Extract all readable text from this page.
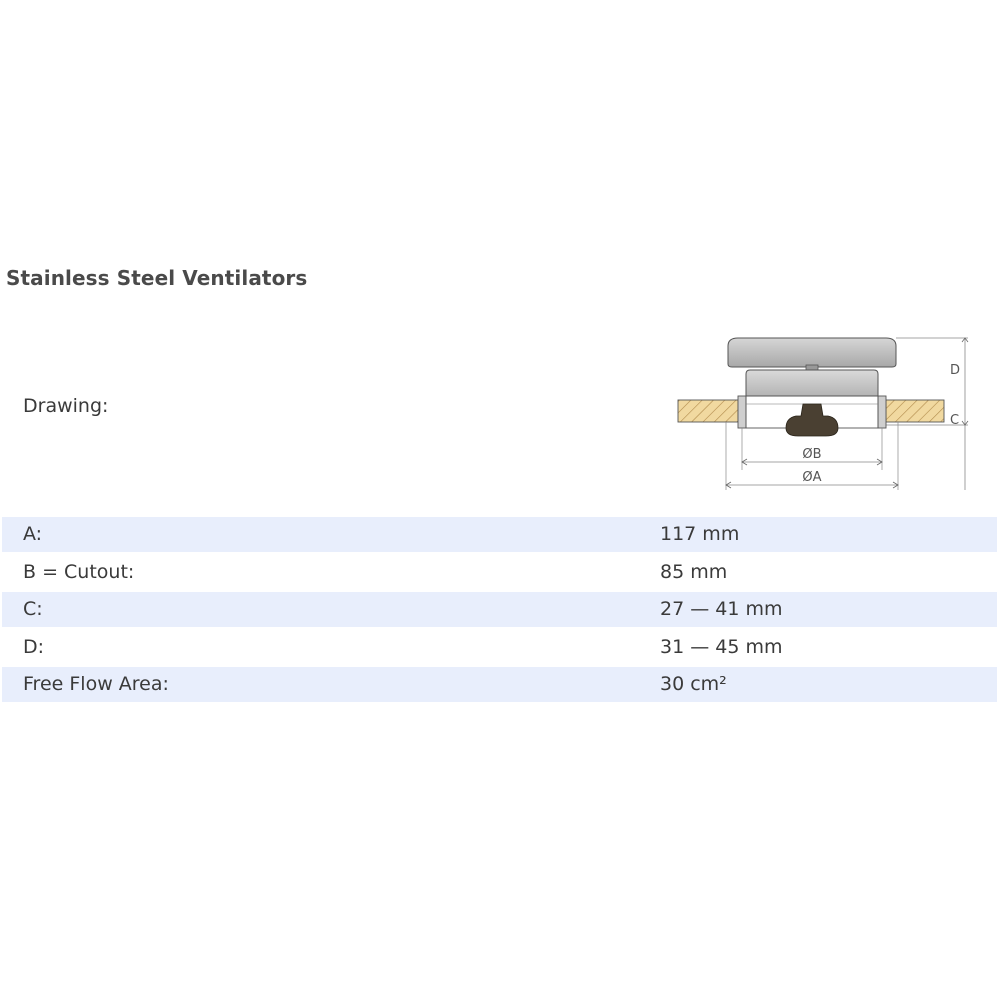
Stainless Steel Ventilators
Drawing:
D
C
ØB
ØA
A:	117 mm
B = Cutout:	85 mm
C:	27 — 41 mm
D:	31 — 45 mm
Free Flow Area:	30 cm²
